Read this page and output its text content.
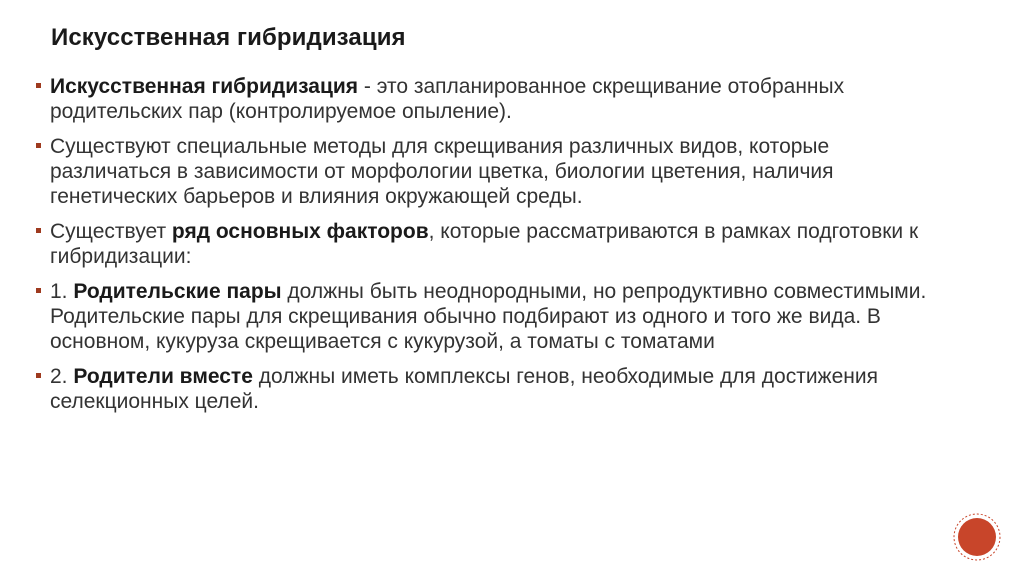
Искусственная гибридизация
Искусственная гибридизация - это запланированное скрещивание отобранных родительских пар (контролируемое опыление).
Существуют специальные методы для скрещивания различных видов, которые различаться в зависимости от морфологии цветка, биологии цветения, наличия генетических барьеров и влияния окружающей среды.
Существует ряд основных факторов, которые рассматриваются в рамках подготовки к гибридизации:
1. Родительские пары должны быть неоднородными, но репродуктивно совместимыми. Родительские пары для скрещивания обычно подбирают из одного и того же вида. В основном, кукуруза скрещивается с кукурузой, а томаты с томатами
2. Родители вместе должны иметь комплексы генов, необходимые для достижения селекционных целей.
